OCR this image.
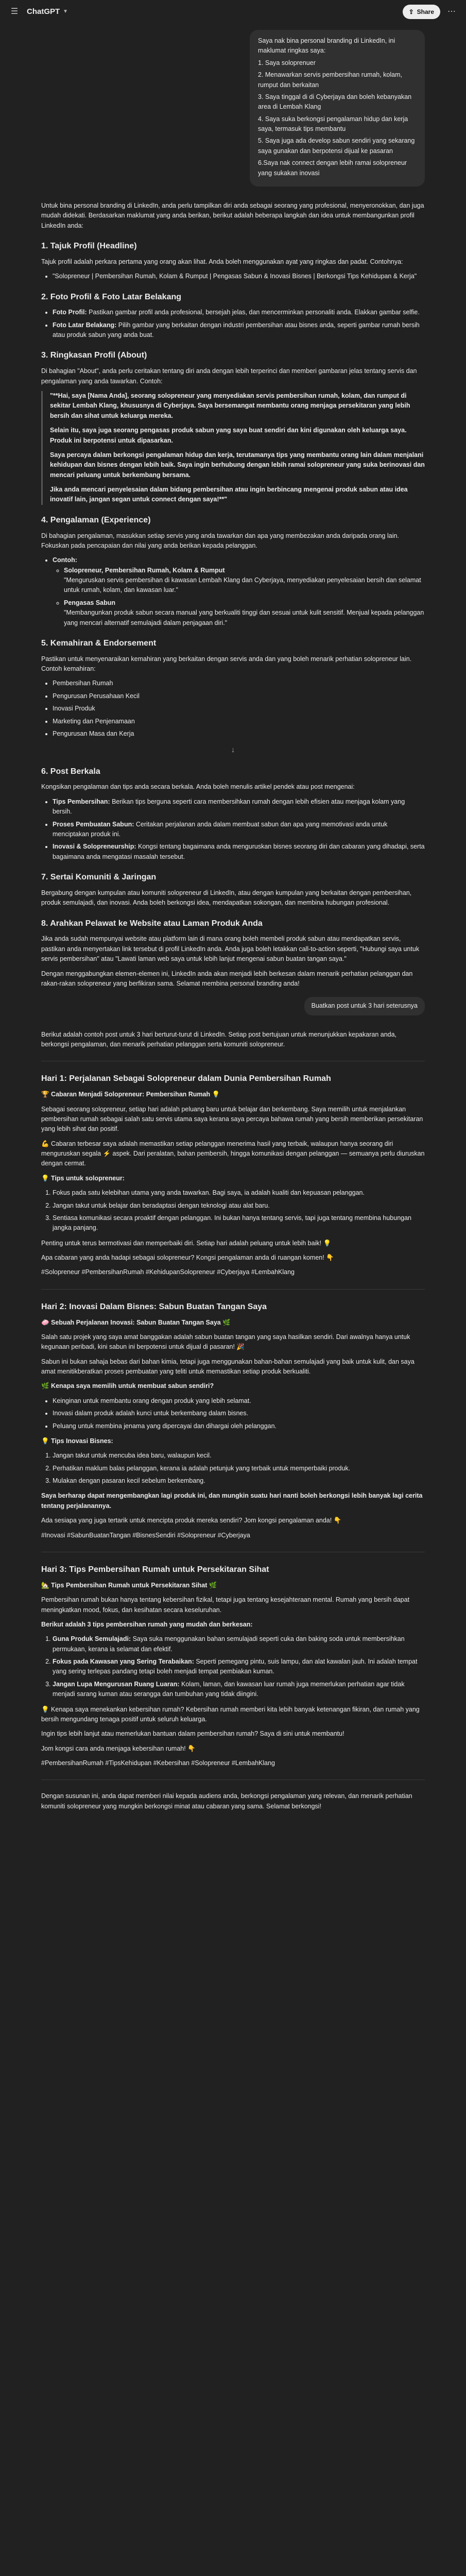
☰	ChatGPT ▼	⇪ Share	⋯

Saya nak bina personal branding di LinkedIn, ini maklumat ringkas saya:

1. Saya soloprenuer

2. Menawarkan servis pembersihan rumah, kolam, rumput dan berkaitan

3. Saya tinggal di di Cyberjaya dan boleh kebanyakan area di Lembah Klang

4. Saya suka berkongsi pengalaman hidup dan kerja saya, termasuk tips membantu

5. Saya juga ada develop sabun sendiri yang sekarang saya gunakan dan berpotensi dijual ke pasaran

6.Saya nak connect dengan lebih ramai solopreneur yang sukakan inovasi

Untuk bina personal branding di LinkedIn, anda perlu tampilkan diri anda sebagai seorang yang profesional, menyeronokkan, dan juga mudah didekati. Berdasarkan maklumat yang anda berikan, berikut adalah beberapa langkah dan idea untuk membangunkan profil LinkedIn anda:

1. Tajuk Profil (Headline)

Tajuk profil adalah perkara pertama yang orang akan lihat. Anda boleh menggunakan ayat yang ringkas dan padat. Contohnya:

• "Solopreneur | Pembersihan Rumah, Kolam & Rumput | Pengasas Sabun & Inovasi Bisnes | Berkongsi Tips Kehidupan & Kerja"
2. Foto Profil & Foto Latar Belakang
• Foto Profil: Pastikan gambar profil anda profesional, bersejah jelas, dan mencerminkan personaliti anda. Elakkan gambar selfie.
• Foto Latar Belakang: Pilih gambar yang berkaitan dengan industri pembersihan atau bisnes anda, seperti gambar rumah bersih atau produk sabun yang anda buat.
3. Ringkasan Profil (About)

Di bahagian "About", anda perlu ceritakan tentang diri anda dengan lebih terperinci dan memberi gambaran jelas tentang servis dan pengalaman yang anda tawarkan. Contoh:

"**Hai, saya [Nama Anda], seorang solopreneur yang menyediakan servis pembersihan rumah, kolam, dan rumput di sekitar Lembah Klang, khususnya di Cyberjaya. Saya bersemangat membantu orang menjaga persekitaran yang lebih bersih dan sihat untuk keluarga mereka.

Selain itu, saya juga seorang pengasas produk sabun yang saya buat sendiri dan kini digunakan oleh keluarga saya. Produk ini berpotensi untuk dipasarkan.

Saya percaya dalam berkongsi pengalaman hidup dan kerja, terutamanya tips yang membantu orang lain dalam menjalani kehidupan dan bisnes dengan lebih baik. Saya ingin berhubung dengan lebih ramai solopreneur yang suka berinovasi dan mencari peluang untuk berkembang bersama.

Jika anda mencari penyelesaian dalam bidang pembersihan atau ingin berbincang mengenai produk sabun atau idea inovatif lain, jangan segan untuk connect dengan saya!**"

4. Pengalaman (Experience)

Di bahagian pengalaman, masukkan setiap servis yang anda tawarkan dan apa yang membezakan anda daripada orang lain. Fokuskan pada pencapaian dan nilai yang anda berikan kepada pelanggan.

• Contoh:
◦ Solopreneur, Pembersihan Rumah, Kolam & Rumput
"Menguruskan servis pembersihan di kawasan Lembah Klang dan Cyberjaya, menyediakan penyelesaian bersih dan selamat untuk rumah, kolam, dan kawasan luar."
◦ Pengasas Sabun
"Membangunkan produk sabun secara manual yang berkualiti tinggi dan sesuai untuk kulit sensitif. Menjual kepada pelanggan yang mencari alternatif semulajadi dalam penjagaan diri."
5. Kemahiran & Endorsement

Pastikan untuk menyenaraikan kemahiran yang berkaitan dengan servis anda dan yang boleh menarik perhatian solopreneur lain. Contoh kemahiran:

• Pembersihan Rumah
• Pengurusan Perusahaan Kecil
• Inovasi Produk
• Marketing dan Penjenamaan
• Pengurusan Masa dan Kerja
↓
6. Post Berkala

Kongsikan pengalaman dan tips anda secara berkala. Anda boleh menulis artikel pendek atau post mengenai:

• Tips Pembersihan: Berikan tips berguna seperti cara membersihkan rumah dengan lebih efisien atau menjaga kolam yang bersih.
• Proses Pembuatan Sabun: Ceritakan perjalanan anda dalam membuat sabun dan apa yang memotivasi anda untuk menciptakan produk ini.
• Inovasi & Solopreneurship: Kongsi tentang bagaimana anda menguruskan bisnes seorang diri dan cabaran yang dihadapi, serta bagaimana anda mengatasi masalah tersebut.
7. Sertai Komuniti & Jaringan

Bergabung dengan kumpulan atau komuniti solopreneur di LinkedIn, atau dengan kumpulan yang berkaitan dengan pembersihan, produk semulajadi, dan inovasi. Anda boleh berkongsi idea, mendapatkan sokongan, dan membina hubungan profesional.

8. Arahkan Pelawat ke Website atau Laman Produk Anda

Jika anda sudah mempunyai website atau platform lain di mana orang boleh membeli produk sabun atau mendapatkan servis, pastikan anda menyertakan link tersebut di profil LinkedIn anda. Anda juga boleh letakkan call-to-action seperti, "Hubungi saya untuk servis pembersihan" atau "Lawati laman web saya untuk lebih lanjut mengenai sabun buatan tangan saya."

Dengan menggabungkan elemen-elemen ini, LinkedIn anda akan menjadi lebih berkesan dalam menarik perhatian pelanggan dan rakan-rakan solopreneur yang berfikiran sama. Selamat membina personal branding anda!

Buatkan post untuk 3 hari seterusnya

Berikut adalah contoh post untuk 3 hari berturut-turut di LinkedIn. Setiap post bertujuan untuk menunjukkan kepakaran anda, berkongsi pengalaman, dan menarik perhatian pelanggan serta komuniti solopreneur.

Hari 1: Perjalanan Sebagai Solopreneur dalam Dunia Pembersihan Rumah

🏆 Cabaran Menjadi Solopreneur: Pembersihan Rumah 💡

Sebagai seorang solopreneur, setiap hari adalah peluang baru untuk belajar dan berkembang. Saya memilih untuk menjalankan pembersihan rumah sebagai salah satu servis utama saya kerana saya percaya bahawa rumah yang bersih memberikan persekitaran yang lebih sihat dan positif.

💪 Cabaran terbesar saya adalah memastikan setiap pelanggan menerima hasil yang terbaik, walaupun hanya seorang diri menguruskan segala ⚡ aspek. Dari peralatan, bahan pembersih, hingga komunikasi dengan pelanggan — semuanya perlu diuruskan dengan cermat.

💡 Tips untuk solopreneur:

1. Fokus pada satu kelebihan utama yang anda tawarkan. Bagi saya, ia adalah kualiti dan kepuasan pelanggan.
2. Jangan takut untuk belajar dan beradaptasi dengan teknologi atau alat baru.
3. Sentiasa komunikasi secara proaktif dengan pelanggan. Ini bukan hanya tentang servis, tapi juga tentang membina hubungan jangka panjang.

Penting untuk terus bermotivasi dan memperbaiki diri. Setiap hari adalah peluang untuk lebih baik! 💡

Apa cabaran yang anda hadapi sebagai solopreneur? Kongsi pengalaman anda di ruangan komen! 👇

#Solopreneur #PembersihanRumah #KehidupanSolopreneur #Cyberjaya #LembahKlang

Hari 2: Inovasi Dalam Bisnes: Sabun Buatan Tangan Saya

🧼 Sebuah Perjalanan Inovasi: Sabun Buatan Tangan Saya 🌿

Salah satu projek yang saya amat banggakan adalah sabun buatan tangan yang saya hasilkan sendiri. Dari awalnya hanya untuk kegunaan peribadi, kini sabun ini berpotensi untuk dijual di pasaran! 🎉

Sabun ini bukan sahaja bebas dari bahan kimia, tetapi juga menggunakan bahan-bahan semulajadi yang baik untuk kulit, dan saya amat menitikberatkan proses pembuatan yang teliti untuk memastikan setiap produk berkualiti.

🌿 Kenapa saya memilih untuk membuat sabun sendiri?

• Keinginan untuk membantu orang dengan produk yang lebih selamat.
• Inovasi dalam produk adalah kunci untuk berkembang dalam bisnes.
• Peluang untuk membina jenama yang dipercayai dan dihargai oleh pelanggan.

💡 Tips Inovasi Bisnes:

1. Jangan takut untuk mencuba idea baru, walaupun kecil.
2. Perhatikan maklum balas pelanggan, kerana ia adalah petunjuk yang terbaik untuk memperbaiki produk.
3. Mulakan dengan pasaran kecil sebelum berkembang.

Saya berharap dapat mengembangkan lagi produk ini, dan mungkin suatu hari nanti boleh berkongsi lebih banyak lagi cerita tentang perjalanannya.

Ada sesiapa yang juga tertarik untuk mencipta produk mereka sendiri? Jom kongsi pengalaman anda! 👇

#Inovasi #SabunBuatanTangan #BisnesSendiri #Solopreneur #Cyberjaya

Hari 3: Tips Pembersihan Rumah untuk Persekitaran Sihat

🏡 Tips Pembersihan Rumah untuk Persekitaran Sihat 🌿

Pembersihan rumah bukan hanya tentang kebersihan fizikal, tetapi juga tentang kesejahteraan mental. Rumah yang bersih dapat meningkatkan mood, fokus, dan kesihatan secara keseluruhan.

Berikut adalah 3 tips pembersihan rumah yang mudah dan berkesan:

1. Guna Produk Semulajadi: Saya suka menggunakan bahan semulajadi seperti cuka dan baking soda untuk membersihkan permukaan, kerana ia selamat dan efektif.
2. Fokus pada Kawasan yang Sering Terabaikan: Seperti pemegang pintu, suis lampu, dan alat kawalan jauh. Ini adalah tempat yang sering terlepas pandang tetapi boleh menjadi tempat pembiakan kuman.
3. Jangan Lupa Mengurusan Ruang Luaran: Kolam, laman, dan kawasan luar rumah juga memerlukan perhatian agar tidak menjadi sarang kuman atau serangga dan tumbuhan yang tidak diingini.

💡 Kenapa saya menekankan kebersihan rumah? Kebersihan rumah memberi kita lebih banyak ketenangan fikiran, dan rumah yang bersih mengundang tenaga positif untuk seluruh keluarga.

Ingin tips lebih lanjut atau memerlukan bantuan dalam pembersihan rumah? Saya di sini untuk membantu!

Jom kongsi cara anda menjaga kebersihan rumah! 👇

#PembersihanRumah #TipsKehidupan #Kebersihan #Solopreneur #LembahKlang

Dengan susunan ini, anda dapat memberi nilai kepada audiens anda, berkongsi pengalaman yang relevan, dan menarik perhatian komuniti solopreneur yang mungkin berkongsi minat atau cabaran yang sama. Selamat berkongsi!
